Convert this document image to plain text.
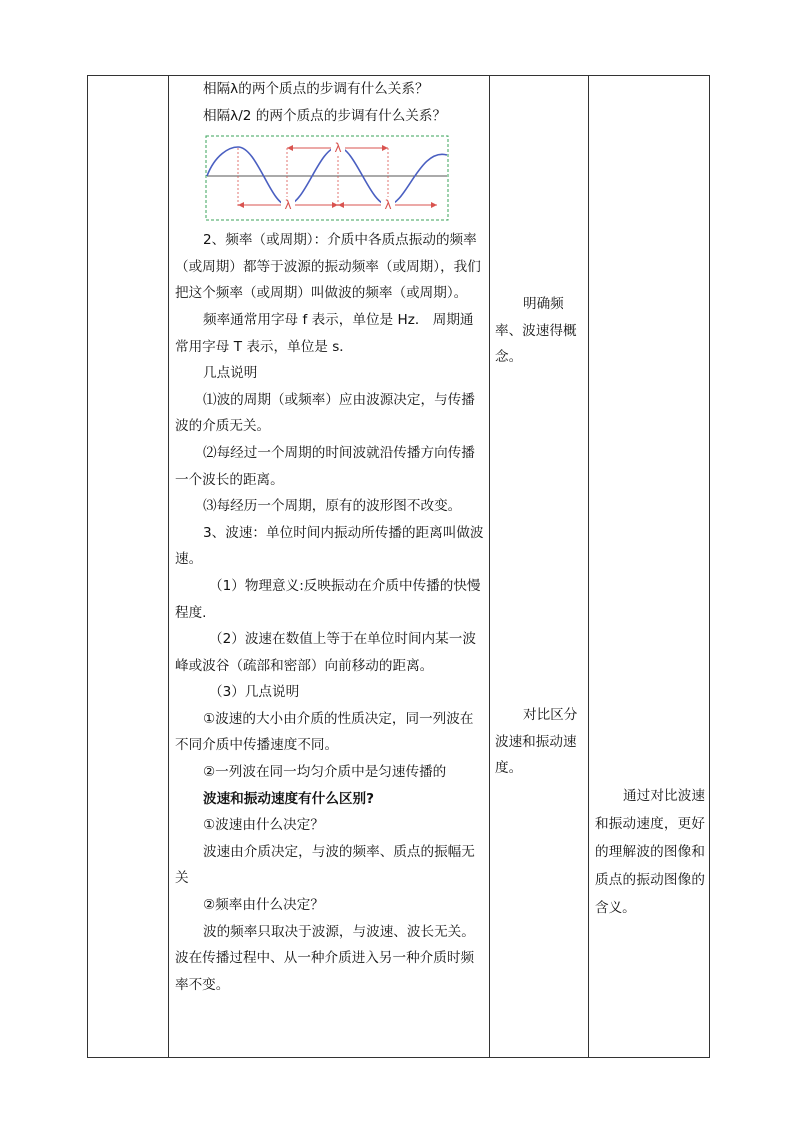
相隔λ的两个质点的步调有什么关系？

相隔λ/2 的两个质点的步调有什么关系？

λ
λ	λ

2、频率（或周期）：介质中各质点振动的频率（或周期）都等于波源的振动频率（或周期），我们把这个频率（或周期）叫做波的频率（或周期）。

频率通常用字母 f 表示，单位是 Hz． 周期通常用字母 T 表示，单位是 s．

几点说明

⑴波的周期（或频率）应由波源决定，与传播波的介质无关。

⑵每经过一个周期的时间波就沿传播方向传播一个波长的距离。

⑶每经历一个周期，原有的波形图不改变。

3、波速：单位时间内振动所传播的距离叫做波速。

（1）物理意义:反映振动在介质中传播的快慢程度.

（2）波速在数值上等于在单位时间内某一波峰或波谷（疏部和密部）向前移动的距离。

（3）几点说明

①波速的大小由介质的性质决定，同一列波在不同介质中传播速度不同。

②一列波在同一均匀介质中是匀速传播的

波速和振动速度有什么区别?

①波速由什么决定？

波速由介质决定，与波的频率、质点的振幅无关

②频率由什么决定？

波的频率只取决于波源，与波速、波长无关。波在传播过程中、从一种介质进入另一种介质时频率不变。

明确频率、波速得概念。

对比区分波速和振动速度。

通过对比波速和振动速度，更好的理解波的图像和质点的振动图像的含义。
